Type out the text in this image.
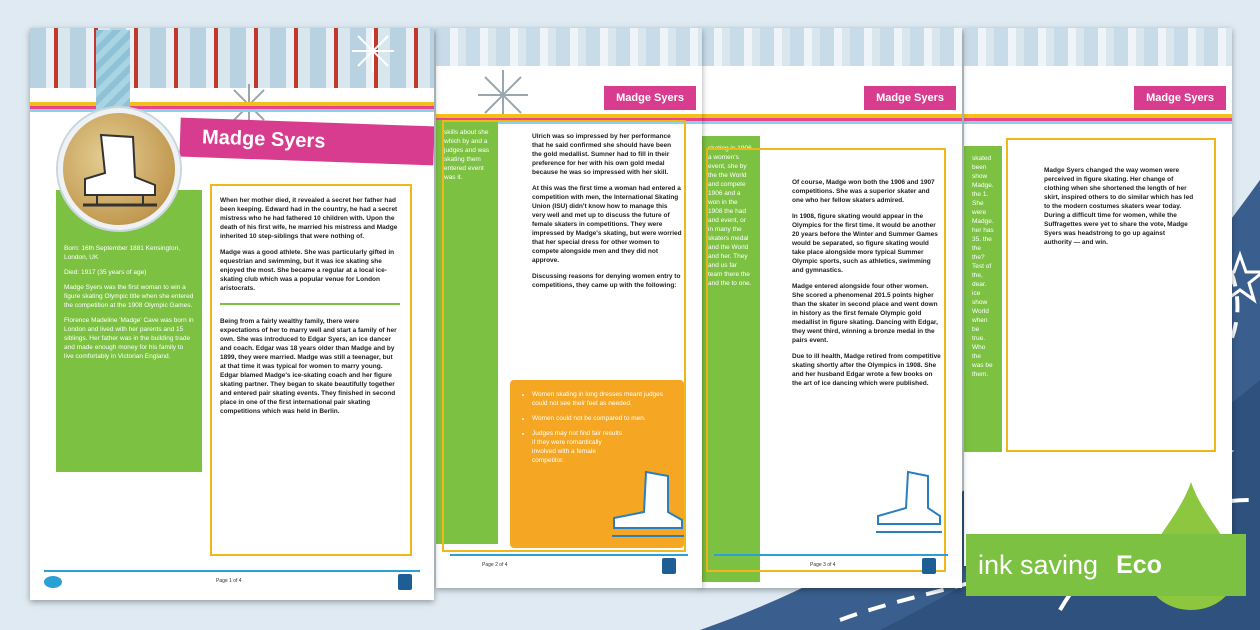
Madge Syers

skated been show Madge. the 1. She were Madge. her has 35. the the the? Test of the, dear. ice show World when be true. Who the was be them.

Madge Syers changed the way women were perceived in figure skating. Her change of clothing when she shortened the length of her skirt, inspired others to do similar which has led to the modern costumes skaters wear today. During a difficult time for women, while the Suffragettes were yet to share the vote, Madge Syers was headstrong to go up against authority — and win.

Madge Syers

skating in 1906 a women's event, she by the the World and compete 1906 and a won in the 1908 the had and event, or in many the skaters medal and the World and her. They and us far team there the and the to one.

Of course, Madge won both the 1906 and 1907 competitions. She was a superior skater and one who her fellow skaters admired.

In 1908, figure skating would appear in the Olympics for the first time. It would be another 20 years before the Winter and Summer Games would be separated, so figure skating would take place alongside more typical Summer Olympic sports, such as athletics, swimming and gymnastics.

Madge entered alongside four other women. She scored a phenomenal 201.5 points higher than the skater in second place and went down in history as the first female Olympic gold medallist in figure skating. Dancing with Edgar, they went third, winning a bronze medal in the pairs event.

Due to ill health, Madge retired from competitive skating shortly after the Olympics in 1908. She and her husband Edgar wrote a few books on the art of ice dancing which were published.

Page 3 of 4
Madge Syers

skills about she which by and a judges and was skating them entered event was it.

Ulrich was so impressed by her performance that he said confirmed she should have been the gold medallist. Sumner had to fill in their preference for her with his own gold medal because he was so impressed with her skill.

At this was the first time a woman had entered a competition with men, the International Skating Union (ISU) didn't know how to manage this very well and met up to discuss the future of female skaters in competitions. They were impressed by Madge's skating, but were worried that her special dress for other women to compete alongside men and they did not approve.

Discussing reasons for denying women entry to competitions, they came up with the following:

• Women skating in long dresses meant judges could not see their feet as needed.
• Women could not be compared to men.
• Judges may not find fair results if they were romantically involved with a female competitor.
Page 2 of 4
Madge Syers

Born: 16th September 1881 Kensington, London, UK

Died: 1917 (35 years of age)

Madge Syers was the first woman to win a figure skating Olympic title when she entered the competition at the 1908 Olympic Games.

Florence Madeline 'Madge' Cave was born in London and lived with her parents and 15 siblings. Her father was in the building trade and made enough money for his family to live comfortably in Victorian England.

When her mother died, it revealed a secret her father had been keeping. Edward had in the country, he had a secret mistress who he had fathered 10 children with. Upon the death of his first wife, he married his mistress and Madge inherited 10 step-siblings that were nothing of.

Madge was a good athlete. She was particularly gifted in equestrian and swimming, but it was ice skating she enjoyed the most. She became a regular at a local ice-skating club which was a popular venue for London aristocrats.

Being from a fairly wealthy family, there were expectations of her to marry well and start a family of her own. She was introduced to Edgar Syers, an ice dancer and coach. Edgar was 18 years older than Madge and by 1899, they were married. Madge was still a teenager, but at that time it was typical for women to marry young. Edgar blamed Madge's ice-skating coach and her figure skating partner. They began to skate beautifully together and entered pair skating events. They finished in second place in one of the first international pair skating competitions which was held in Berlin.

Page 1 of 4
ink saving Eco
